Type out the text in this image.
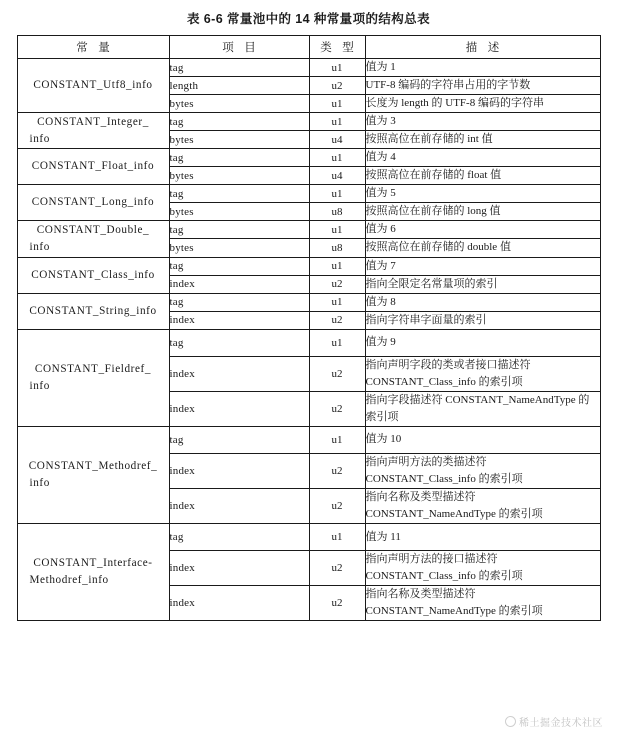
表 6-6 常量池中的 14 种常量项的结构总表
常 量	项 目	类 型	描 述

CONSTANT_Utf8_info	tag	u1	值为 1
	length	u2	UTF-8 编码的字符串占用的字节数
	bytes	u1	长度为 length 的 UTF-8 编码的字符串

CONSTANT_Integer_
info	tag	u1	值为 3
	bytes	u4	按照高位在前存储的 int 值

CONSTANT_Float_info	tag	u1	值为 4
	bytes	u4	按照高位在前存储的 float 值

CONSTANT_Long_info	tag	u1	值为 5
	bytes	u8	按照高位在前存储的 long 值

CONSTANT_Double_
info	tag	u1	值为 6
	bytes	u8	按照高位在前存储的 double 值

CONSTANT_Class_info	tag	u1	值为 7
	index	u2	指向全限定名常量项的索引

CONSTANT_String_info	tag	u1	值为 8
	index	u2	指向字符串字面量的索引

CONSTANT_Fieldref_
info	tag	u1	值为 9
	index	u2	指向声明字段的类或者接口描述符 CONSTANT_Class_info 的索引项
	index	u2	指向字段描述符 CONSTANT_NameAndType 的索引项

CONSTANT_Methodref_
info	tag	u1	值为 10
	index	u2	指向声明方法的类描述符 CONSTANT_Class_info 的索引项
	index	u2	指向名称及类型描述符 CONSTANT_NameAndType 的索引项

CONSTANT_Interface-
Methodref_info	tag	u1	值为 11
	index	u2	指向声明方法的接口描述符 CONSTANT_Class_info 的索引项
	index	u2	指向名称及类型描述符 CONSTANT_NameAndType 的索引项
稀土掘金技术社区
